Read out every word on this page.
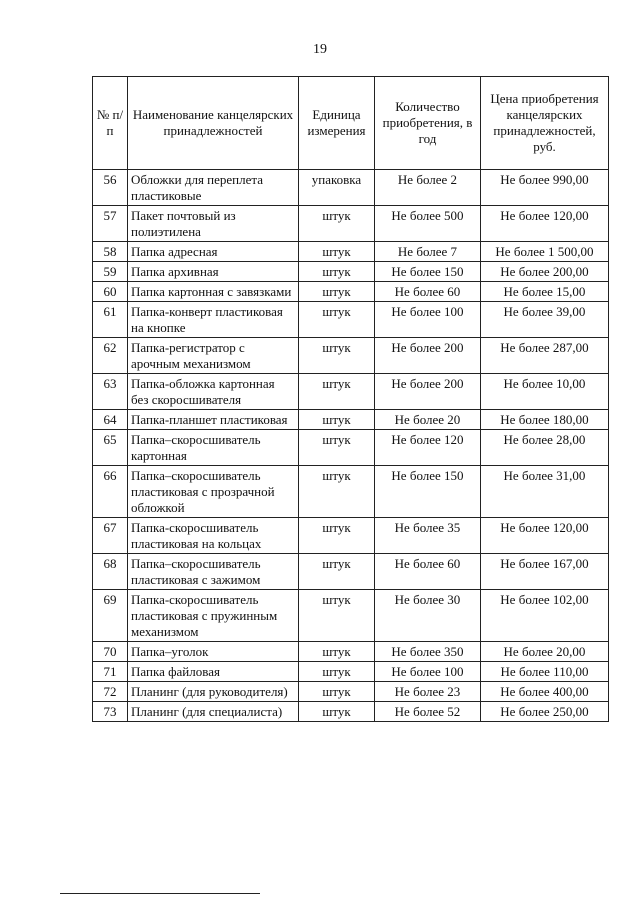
19
№ п/п	Наименование канцелярских принадлежностей	Единица измерения	Количество приобретения, в год	Цена приобретения канцелярских принадлежностей, руб.
56	Обложки для переплета пластиковые	упаковка	Не более 2	Не более 990,00
57	Пакет почтовый из полиэтилена	штук	Не более 500	Не более 120,00
58	Папка адресная	штук	Не более 7	Не более 1 500,00
59	Папка архивная	штук	Не более 150	Не более 200,00
60	Папка картонная с завязками	штук	Не более 60	Не более 15,00
61	Папка-конверт пластиковая на кнопке	штук	Не более 100	Не более 39,00
62	Папка-регистратор с арочным механизмом	штук	Не более 200	Не более 287,00
63	Папка-обложка картонная без скоросшивателя	штук	Не более 200	Не более 10,00
64	Папка-планшет пластиковая	штук	Не более 20	Не более 180,00
65	Папка–скоросшиватель картонная	штук	Не более 120	Не более 28,00
66	Папка–скоросшиватель пластиковая с прозрачной обложкой	штук	Не более 150	Не более 31,00
67	Папка-скоросшиватель пластиковая на кольцах	штук	Не более 35	Не более 120,00
68	Папка–скоросшиватель пластиковая с зажимом	штук	Не более 60	Не более 167,00
69	Папка-скоросшиватель пластиковая с пружинным механизмом	штук	Не более 30	Не более 102,00
70	Папка–уголок	штук	Не более 350	Не более 20,00
71	Папка файловая	штук	Не более 100	Не более 110,00
72	Планинг (для руководителя)	штук	Не более 23	Не более 400,00
73	Планинг (для специалиста)	штук	Не более 52	Не более 250,00
